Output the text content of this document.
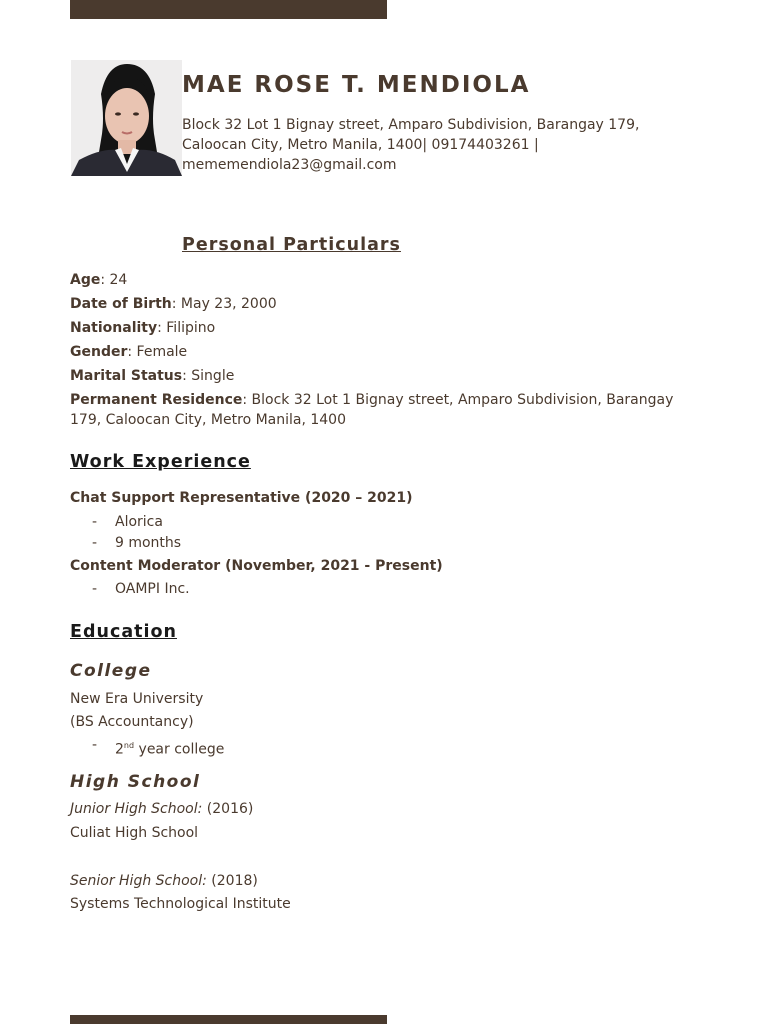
MAE ROSE T. MENDIOLA
Block 32 Lot 1 Bignay street, Amparo Subdivision, Barangay 179,
Caloocan City, Metro Manila, 1400| 09174403261 |
mememendiola23@gmail.com
Personal Particulars
Age: 24
Date of Birth: May 23, 2000
Nationality: Filipino
Gender: Female
Marital Status: Single
Permanent Residence: Block 32 Lot 1 Bignay street, Amparo Subdivision, Barangay 179, Caloocan City, Metro Manila, 1400
Work Experience
Chat Support Representative (2020 – 2021)
- Alorica
- 9 months
Content Moderator (November, 2021 - Present)
- OAMPI Inc.
Education
College
New Era University
(BS Accountancy)
- 2nd year college
High School
Junior High School: (2016)
Culiat High School
Senior High School: (2018)
Systems Technological Institute
